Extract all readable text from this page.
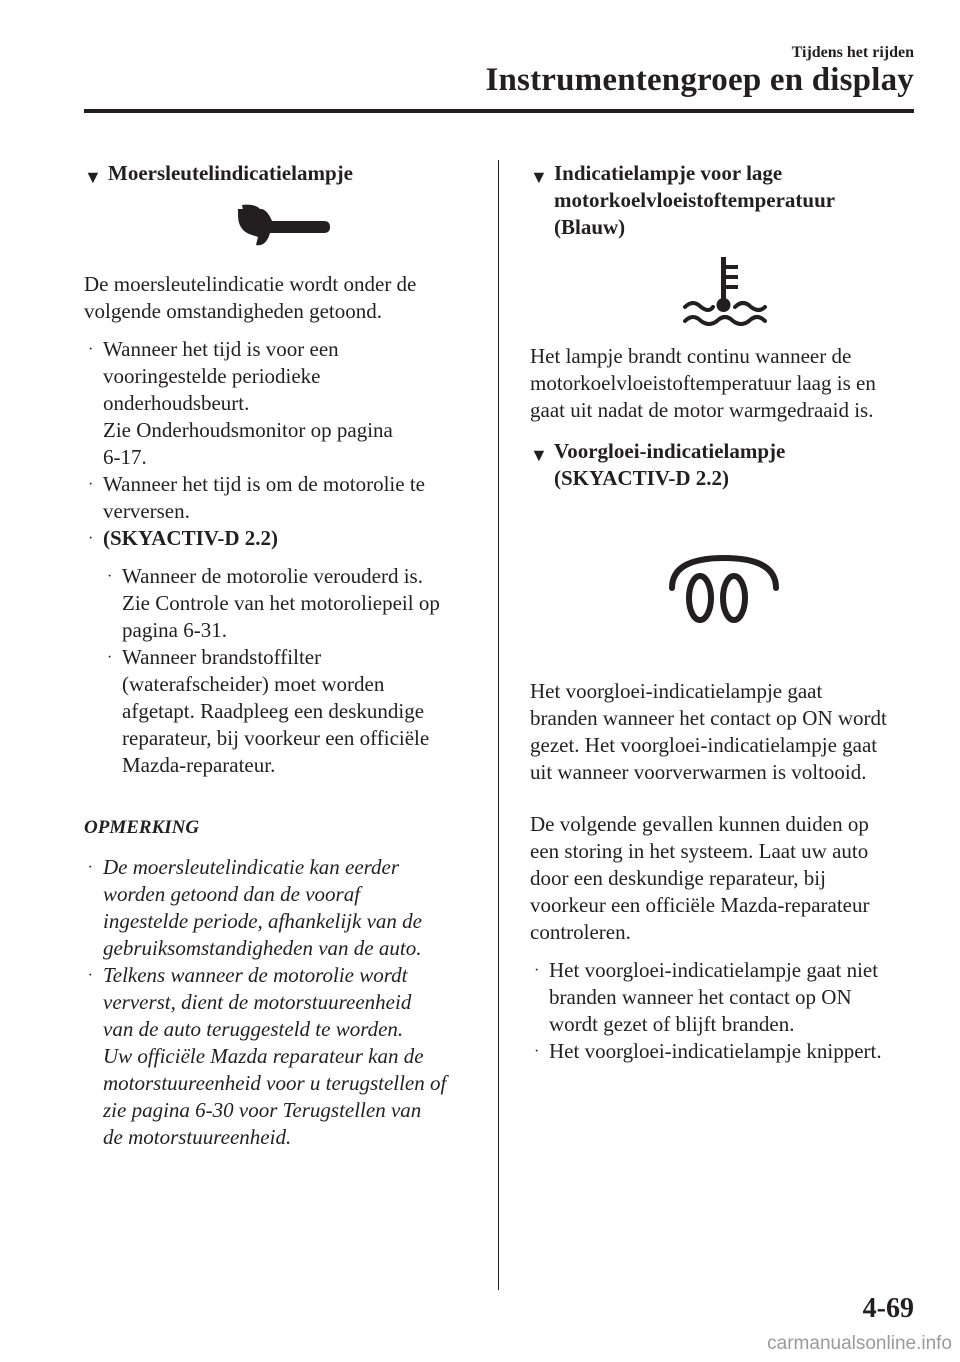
Tijdens het rijden
Instrumentengroep en display
▼ Moersleutelindicatielampje

De moersleutelindicatie wordt onder de
volgende omstandigheden getoond.

· Wanneer het tijd is voor een
vooringestelde periodieke
onderhoudsbeurt.
Zie Onderhoudsmonitor op pagina
6-17.
· Wanneer het tijd is om de motorolie te
verversen.
· (SKYACTIV-D 2.2)
· Wanneer de motorolie verouderd is.
Zie Controle van het motoroliepeil op
pagina 6-31.
· Wanneer brandstoffilter
(waterafscheider) moet worden
afgetapt. Raadpleeg een deskundige
reparateur, bij voorkeur een officiële
Mazda-reparateur.
OPMERKING
· De moersleutelindicatie kan eerder
worden getoond dan de vooraf
ingestelde periode, afhankelijk van de
gebruiksomstandigheden van de auto.
· Telkens wanneer de motorolie wordt
ververst, dient de motorstuureenheid
van de auto teruggesteld te worden.
Uw officiële Mazda reparateur kan de
motorstuureenheid voor u terugstellen of
zie pagina 6-30 voor Terugstellen van
de motorstuureenheid.
▼ Indicatielampje voor lage
motorkoelvloeistoftemperatuur
(Blauw)

Het lampje brandt continu wanneer de
motorkoelvloeistoftemperatuur laag is en
gaat uit nadat de motor warmgedraaid is.

▼ Voorgloei-indicatielampje
(SKYACTIV-D 2.2)

Het voorgloei-indicatielampje gaat
branden wanneer het contact op ON wordt
gezet. Het voorgloei-indicatielampje gaat
uit wanneer voorverwarmen is voltooid.

De volgende gevallen kunnen duiden op
een storing in het systeem. Laat uw auto
door een deskundige reparateur, bij
voorkeur een officiële Mazda-reparateur
controleren.

· Het voorgloei-indicatielampje gaat niet
branden wanneer het contact op ON
wordt gezet of blijft branden.
· Het voorgloei-indicatielampje knippert.
4-69
carmanualsonline.info
